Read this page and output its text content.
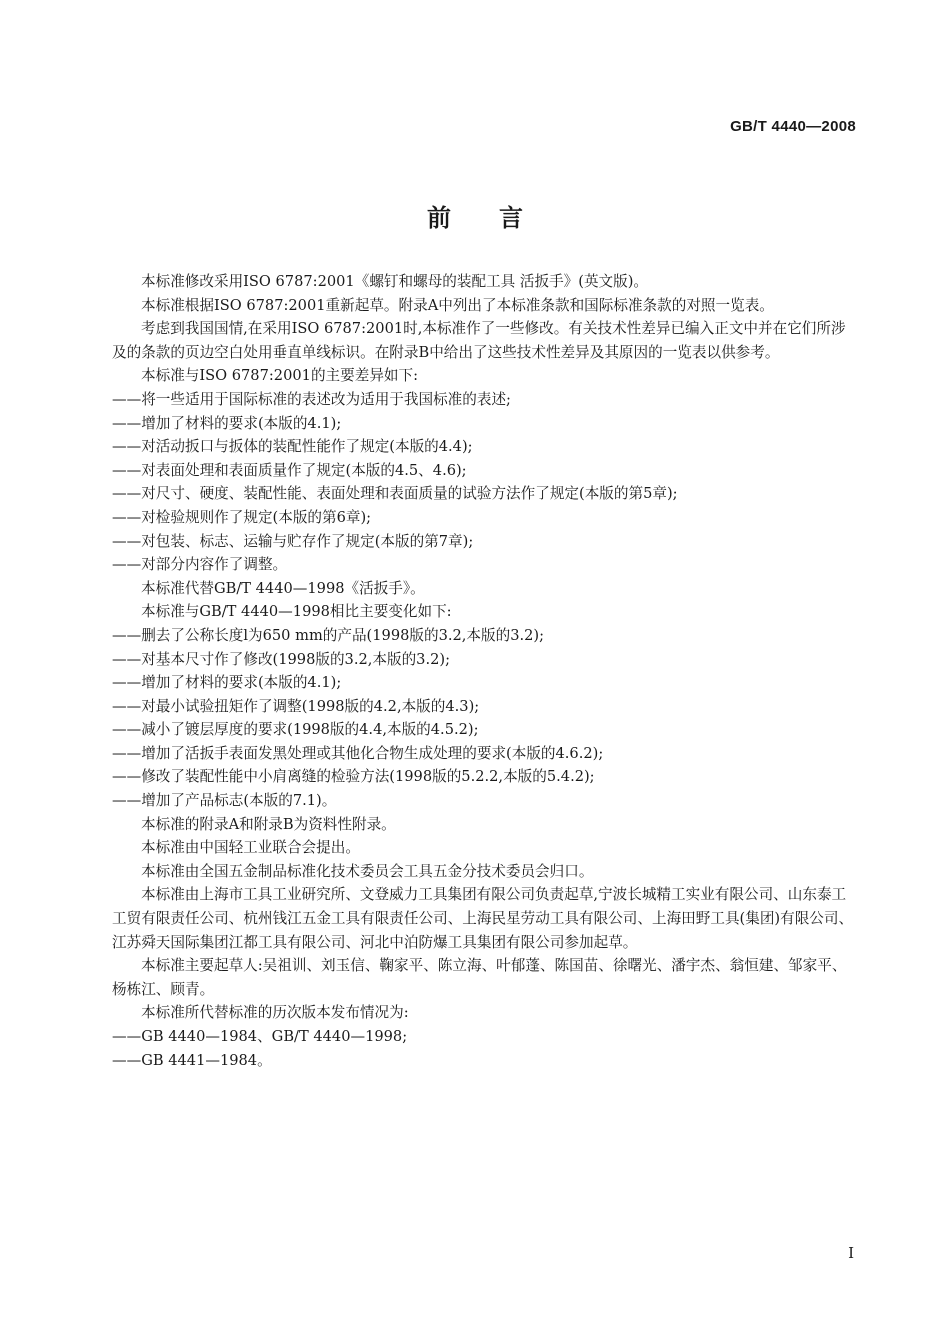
GB/T 4440—2008
前言

本标准修改采用ISO 6787:2001《螺钉和螺母的装配工具 活扳手》(英文版)。

本标准根据ISO 6787:2001重新起草。附录A中列出了本标准条款和国际标准条款的对照一览表。

考虑到我国国情,在采用ISO 6787:2001时,本标准作了一些修改。有关技术性差异已编入正文中并在它们所涉及的条款的页边空白处用垂直单线标识。在附录B中给出了这些技术性差异及其原因的一览表以供参考。

本标准与ISO 6787:2001的主要差异如下:

——将一些适用于国际标准的表述改为适用于我国标准的表述;

——增加了材料的要求(本版的4.1);

——对活动扳口与扳体的装配性能作了规定(本版的4.4);

——对表面处理和表面质量作了规定(本版的4.5、4.6);

——对尺寸、硬度、装配性能、表面处理和表面质量的试验方法作了规定(本版的第5章);

——对检验规则作了规定(本版的第6章);

——对包装、标志、运输与贮存作了规定(本版的第7章);

——对部分内容作了调整。

本标准代替GB/T 4440—1998《活扳手》。

本标准与GB/T 4440—1998相比主要变化如下:

——删去了公称长度l为650 mm的产品(1998版的3.2,本版的3.2);

——对基本尺寸作了修改(1998版的3.2,本版的3.2);

——增加了材料的要求(本版的4.1);

——对最小试验扭矩作了调整(1998版的4.2,本版的4.3);

——减小了镀层厚度的要求(1998版的4.4,本版的4.5.2);

——增加了活扳手表面发黑处理或其他化合物生成处理的要求(本版的4.6.2);

——修改了装配性能中小肩离缝的检验方法(1998版的5.2.2,本版的5.4.2);

——增加了产品标志(本版的7.1)。

本标准的附录A和附录B为资料性附录。

本标准由中国轻工业联合会提出。

本标准由全国五金制品标准化技术委员会工具五金分技术委员会归口。

本标准由上海市工具工业研究所、文登威力工具集团有限公司负责起草,宁波长城精工实业有限公司、山东泰工工贸有限责任公司、杭州钱江五金工具有限责任公司、上海民星劳动工具有限公司、上海田野工具(集团)有限公司、江苏舜天国际集团江都工具有限公司、河北中泊防爆工具集团有限公司参加起草。

本标准主要起草人:吴祖训、刘玉信、鞠家平、陈立海、叶郁蓬、陈国苗、徐曙光、潘宇杰、翁恒建、邹家平、杨栋江、顾青。

本标准所代替标准的历次版本发布情况为:

——GB 4440—1984、GB/T 4440—1998;

——GB 4441—1984。

I
